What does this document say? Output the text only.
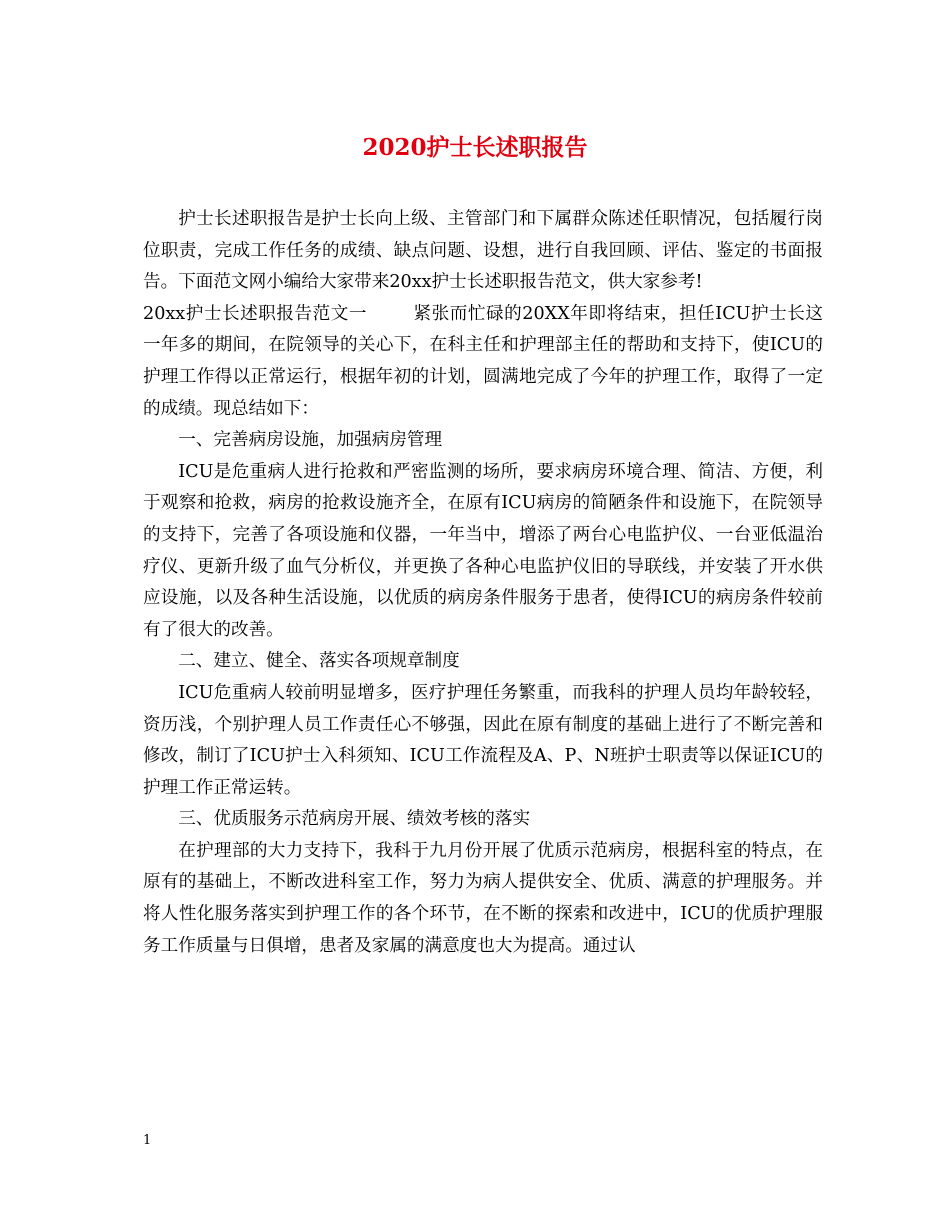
2020护士长述职报告

护士长述职报告是护士长向上级、主管部门和下属群众陈述任职情况，包括履行岗位职责，完成工作任务的成绩、缺点问题、设想，进行自我回顾、评估、鉴定的书面报告。下面范文网小编给大家带来20xx护士长述职报告范文，供大家参考!

20xx护士长述职报告范文一	紧张而忙碌的20XX年即将结束，担任ICU护士长这一年多的期间，在院领导的关心下，在科主任和护理部主任的帮助和支持下，使ICU的护理工作得以正常运行，根据年初的计划，圆满地完成了今年的护理工作，取得了一定的成绩。现总结如下：

一、完善病房设施，加强病房管理

ICU是危重病人进行抢救和严密监测的场所，要求病房环境合理、简洁、方便，利于观察和抢救，病房的抢救设施齐全，在原有ICU病房的简陋条件和设施下，在院领导的支持下，完善了各项设施和仪器，一年当中，增添了两台心电监护仪、一台亚低温治疗仪、更新升级了血气分析仪，并更换了各种心电监护仪旧的导联线，并安装了开水供应设施，以及各种生活设施，以优质的病房条件服务于患者，使得ICU的病房条件较前有了很大的改善。

二、建立、健全、落实各项规章制度

ICU危重病人较前明显增多，医疗护理任务繁重，而我科的护理人员均年龄较轻，资历浅，个别护理人员工作责任心不够强，因此在原有制度的基础上进行了不断完善和修改，制订了ICU护士入科须知、ICU工作流程及A、P、N班护士职责等以保证ICU的护理工作正常运转。

三、优质服务示范病房开展、绩效考核的落实

在护理部的大力支持下，我科于九月份开展了优质示范病房，根据科室的特点，在原有的基础上，不断改进科室工作，努力为病人提供安全、优质、满意的护理服务。并将人性化服务落实到护理工作的各个环节，在不断的探索和改进中，ICU的优质护理服务工作质量与日俱增，患者及家属的满意度也大为提高。通过认

1
